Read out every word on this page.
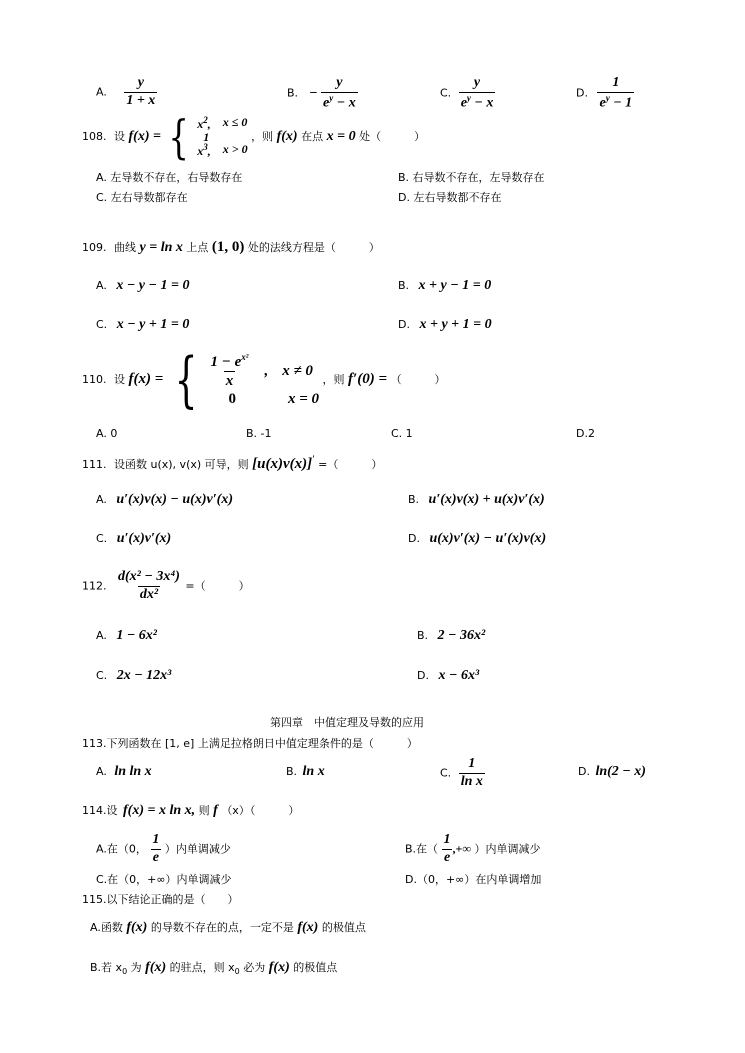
A. $\frac{y}{1 + x}$	B. − $\frac{y}{e^y - x}$	C. $\frac{y}{e^y - x}$	D. $\frac{1}{e^y - 1}$
108. 设 f(x) = { $x^2$, x ≤ 0
1
$x^3$, x > 0
，则 f(x) 在点 x = 0 处（　　　）
A. 左导数不存在，右导数存在	B. 右导数不存在，左导数存在
C. 左右导数都存在	D. 左右导数都不存在
109. 曲线 y = ln x 上点 (1, 0) 处的法线方程是（　　　）
A. x − y − 1 = 0	B. x + y − 1 = 0
C. x − y + 1 = 0	D. x + y + 1 = 0
110. 设 f(x) = { $\frac{1 - e^{x^2}}{x}$ , x ≠ 0
0	x = 0
，则 f′(0) = （　　　）
A. 0	B. -1	C. 1	D.2
111. 设函数 u(x), v(x) 可导，则 [u(x)v(x)]′ =（　　　）
A. u′(x)v(x) − u(x)v′(x)	B. u′(x)v(x) + u(x)v′(x)
C. u′(x)v′(x)	D. u(x)v′(x) − u′(x)v(x)
112. $\frac{\text{d(x² − 3x⁴)}}{\text{dx²}}$ =（　　　）
A. 1 − 6x²	B. 2 − 36x²
C. 2x − 12x³	D. x − 6x³
第四章　中值定理及导数的应用
113.下列函数在 [1, e] 上满足拉格朗日中值定理条件的是（　　　）
A. ln ln x	B. ln x	C. $\frac{1}{\text{ln x}}$	D. ln(2 − x)
114.设 f(x) = x ln x, 则 f （x）（　　　）
A.在（0， $\frac{1}{e}$ ）内单调减少	B.在（ $\frac{1}{e}$ ,+∞ ）内单调减少
C.在（0，+∞）内单调减少	D.（0，+∞）在内单调增加
115.以下结论正确的是（　　）
A.函数 f(x) 的导数不存在的点，一定不是 f(x) 的极值点
B.若 $x_0$ 为 f(x) 的驻点，则 $x_0$ 必为 f(x) 的极值点
